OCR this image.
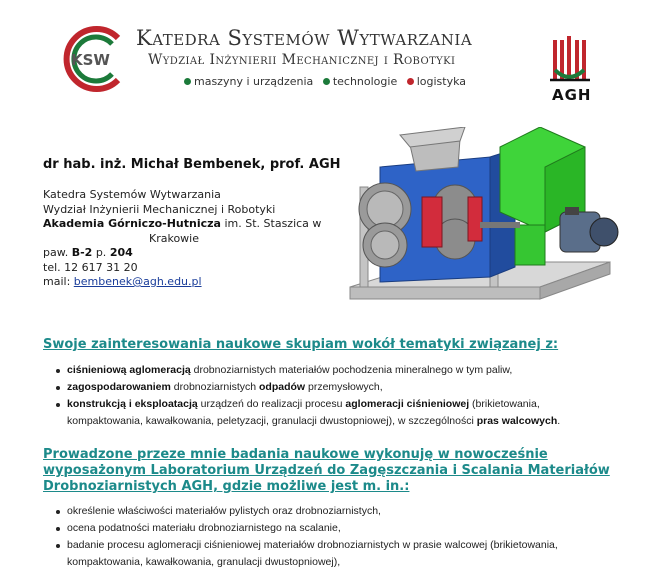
KSW
Katedra Systemów Wytwarzania
Wydział Inżynierii Mechanicznej i Robotyki
maszyny i urządzenia technologie logistyka
AGH
dr hab. inż. Michał Bembenek, prof. AGH
Katedra Systemów Wytwarzania
Wydział Inżynierii Mechanicznej i Robotyki
Akademia Górniczo-Hutnicza im. St. Staszica w
Krakowie
paw. B-2 p. 204
tel. 12 617 31 20
mail: bembenek@agh.edu.pl
Swoje zainteresowania naukowe skupiam wokół tematyki związanej z:
ciśnieniową aglomeracją drobnoziarnistych materiałów pochodzenia mineralnego w tym paliw,
zagospodarowaniem drobnoziarnistych odpadów przemysłowych,
konstrukcją i eksploatacją urządzeń do realizacji procesu aglomeracji ciśnieniowej (brikietowania, kompaktowania, kawałkowania, peletyzacji, granulacji dwustopniowej), w szczególności pras walcowych.
Prowadzone przeze mnie badania naukowe wykonuję w nowocześnie wyposażonym Laboratorium Urządzeń do Zagęszczania i Scalania Materiałów Drobnoziarnistych AGH, gdzie możliwe jest m. in.:
określenie właściwości materiałów pylistych oraz drobnoziarnistych,
ocena podatności materiału drobnoziarnistego na scalanie,
badanie procesu aglomeracji ciśnieniowej materiałów drobnoziarnistych w prasie walcowej (brikietowania, kompaktowania, kawałkowania, granulacji dwustopniowej),
